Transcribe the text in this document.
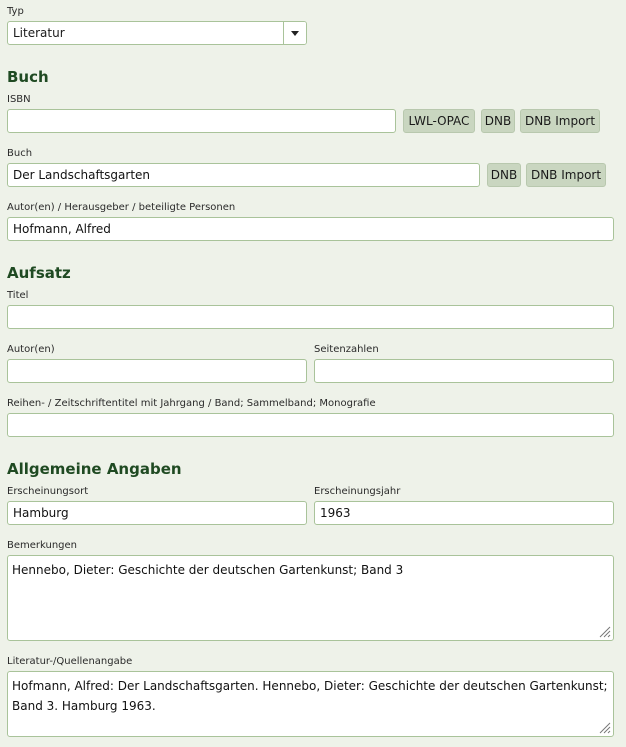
Typ
Literatur
Buch
ISBN
LWL-OPAC	DNB	DNB Import
Buch
Der Landschaftsgarten	DNB	DNB Import
Autor(en) / Herausgeber / beteiligte Personen
Hofmann, Alfred
Aufsatz
Titel
Autor(en)	Seitenzahlen
Reihen- / Zeitschriftentitel mit Jahrgang / Band; Sammelband; Monografie
Allgemeine Angaben
Erscheinungsort
Hamburg
Erscheinungsjahr
1963
Bemerkungen
Hennebo, Dieter: Geschichte der deutschen Gartenkunst; Band 3
Literatur-/Quellenangabe
Hofmann, Alfred: Der Landschaftsgarten. Hennebo, Dieter: Geschichte der deutschen Gartenkunst; Band 3. Hamburg 1963.
